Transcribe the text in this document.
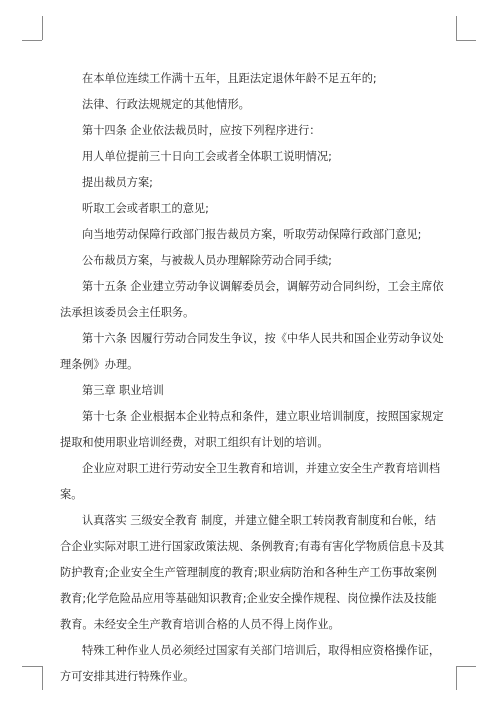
在本单位连续工作满十五年，且距法定退休年龄不足五年的;

法律、行政法规规定的其他情形。

第十四条 企业依法裁员时，应按下列程序进行：

用人单位提前三十日向工会或者全体职工说明情况;

提出裁员方案;

听取工会或者职工的意见;

向当地劳动保障行政部门报告裁员方案，听取劳动保障行政部门意见;

公布裁员方案，与被裁人员办理解除劳动合同手续;

第十五条 企业建立劳动争议调解委员会，调解劳动合同纠纷，工会主席依法承担该委员会主任职务。

第十六条 因履行劳动合同发生争议，按《中华人民共和国企业劳动争议处理条例》办理。

第三章 职业培训

第十七条 企业根据本企业特点和条件，建立职业培训制度，按照国家规定提取和使用职业培训经费，对职工组织有计划的培训。

企业应对职工进行劳动安全卫生教育和培训，并建立安全生产教育培训档案。

认真落实 三级安全教育 制度，并建立健全职工转岗教育制度和台帐，结合企业实际对职工进行国家政策法规、条例教育;有毒有害化学物质信息卡及其防护教育;企业安全生产管理制度的教育;职业病防治和各种生产工伤事故案例教育;化学危险品应用等基础知识教育;企业安全操作规程、岗位操作法及技能教育。未经安全生产教育培训合格的人员不得上岗作业。

特殊工种作业人员必须经过国家有关部门培训后，取得相应资格操作证，方可安排其进行特殊作业。
